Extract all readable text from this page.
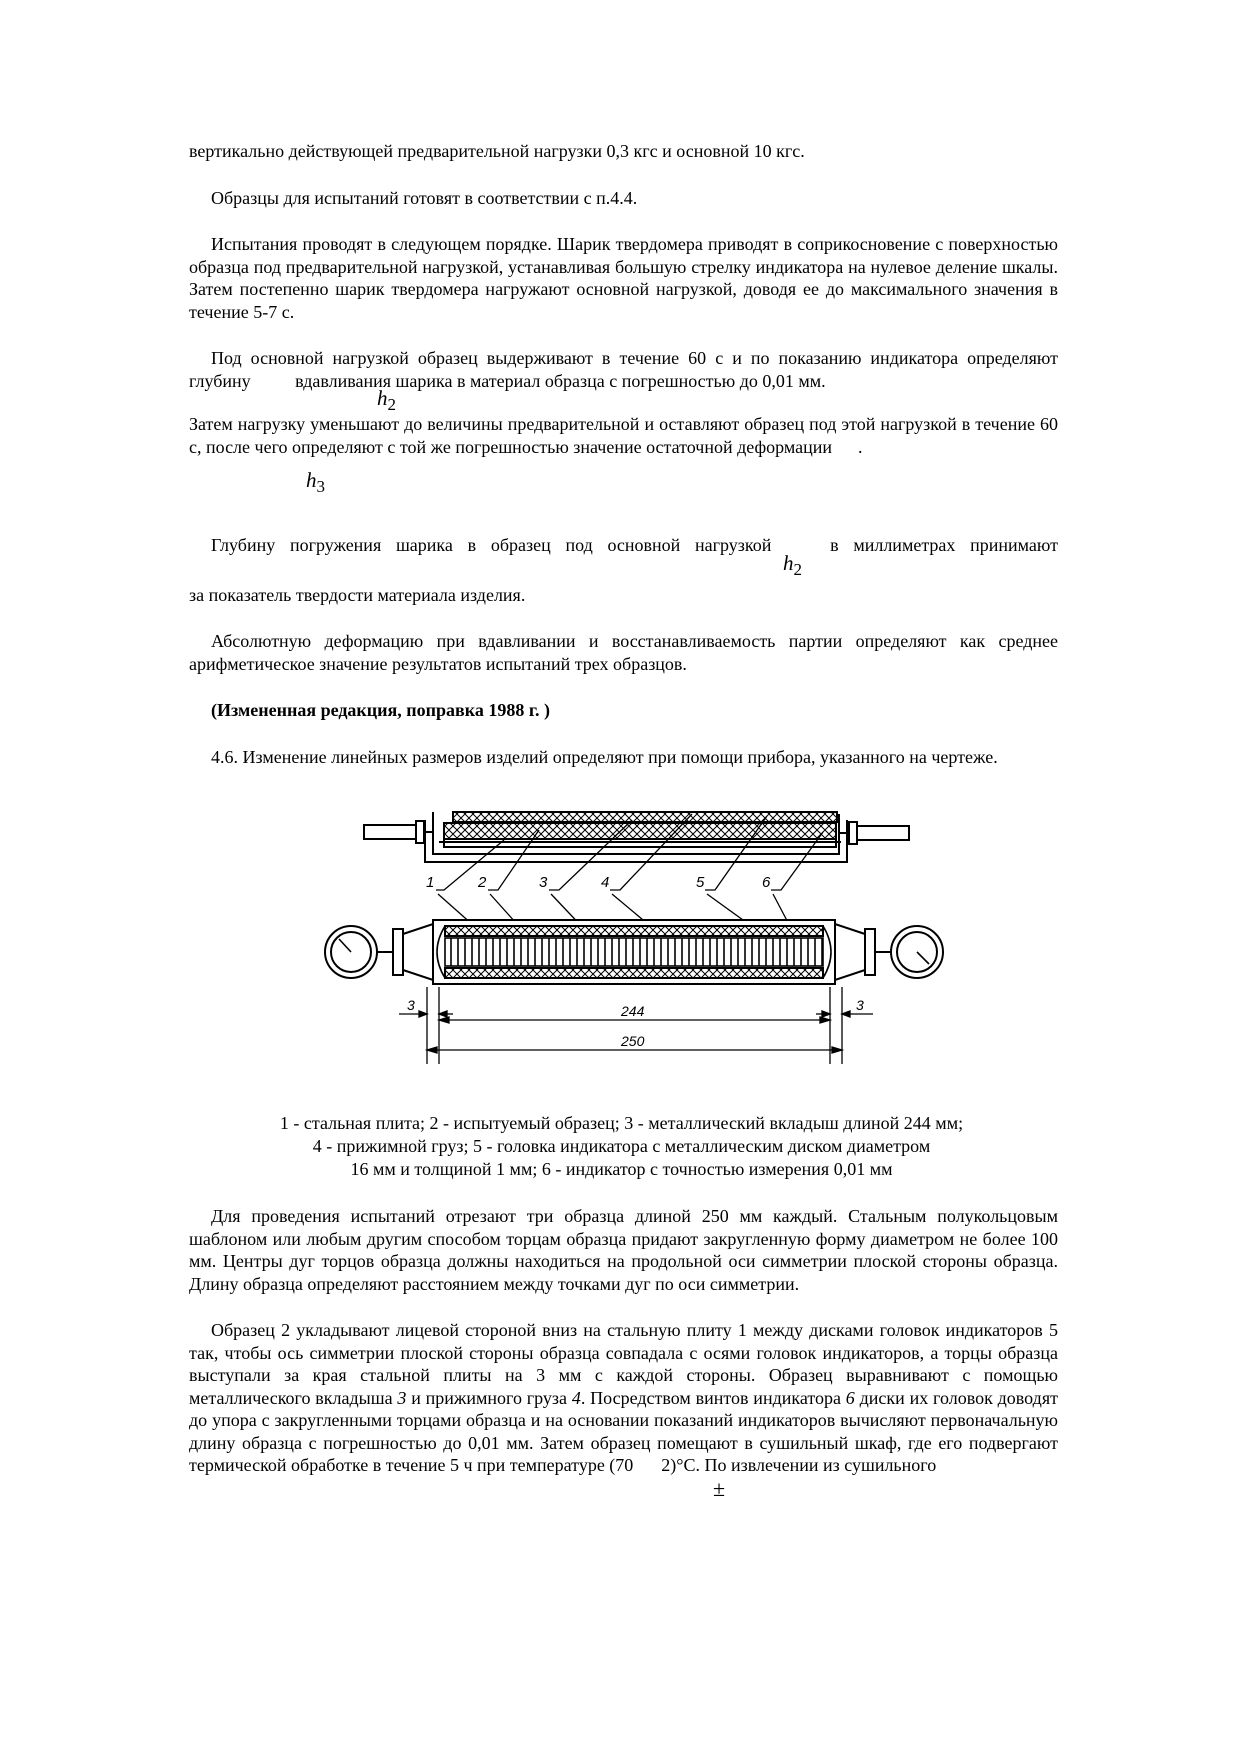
вертикально действующей предварительной нагрузки 0,3 кгс и основной 10 кгс.

Образцы для испытаний готовят в соответствии с п.4.4.

Испытания проводят в следующем порядке. Шарик твердомера приводят в соприкосновение с поверхностью образца под предварительной нагрузкой, устанавливая большую стрелку индикатора на нулевое деление шкалы. Затем постепенно шарик твердомера нагружают основной нагрузкой, доводя ее до максимального значения в течение 5-7 с.

Под основной нагрузкой образец выдерживают в течение 60 с и по показанию индикатора определяют глубину вдавливания шарика в материал образца с погрешностью до 0,01 мм.

$h_2$

Затем нагрузку уменьшают до величины предварительной и оставляют образец под этой нагрузкой в течение 60 с, после чего определяют с той же погрешностью значение остаточной деформации .

$h_3$

Глубину погружения шарика в образец под основной нагрузкой	в миллиметрах принимают

$h_2$

за показатель твердости материала изделия.

Абсолютную деформацию при вдавливании и восстанавливаемость партии определяют как среднее арифметическое значение результатов испытаний трех образцов.

(Измененная редакция, поправка 1988 г. )

4.6. Изменение линейных размеров изделий определяют при помощи прибора, указанного на чертеже.

1	2	3	4	5	6
3	244
250
3
1 - стальная плита; 2 - испытуемый образец; 3 - металлический вкладыш длиной 244 мм;
4 - прижимной груз; 5 - головка индикатора с металлическим диском диаметром
16 мм и толщиной 1 мм; 6 - индикатор с точностью измерения 0,01 мм

Для проведения испытаний отрезают три образца длиной 250 мм каждый. Стальным полукольцовым шаблоном или любым другим способом торцам образца придают закругленную форму диаметром не более 100 мм. Центры дуг торцов образца должны находиться на продольной оси симметрии плоской стороны образца. Длину образца определяют расстоянием между точками дуг по оси симметрии.

Образец 2 укладывают лицевой стороной вниз на стальную плиту 1 между дисками головок индикаторов 5 так, чтобы ось симметрии плоской стороны образца совпадала с осями головок индикаторов, а торцы образца выступали за края стальной плиты на 3 мм с каждой стороны. Образец выравнивают с помощью металлического вкладыша 3 и прижимного груза 4. Посредством винтов индикатора 6 диски их головок доводят до упора с закругленными торцами образца и на основании показаний индикаторов вычисляют первоначальную длину образца с погрешностью до 0,01 мм. Затем образец помещают в сушильный шкаф, где его подвергают термической обработке в течение 5 ч при температуре (70 2)°С. По извлечении из сушильного

±
